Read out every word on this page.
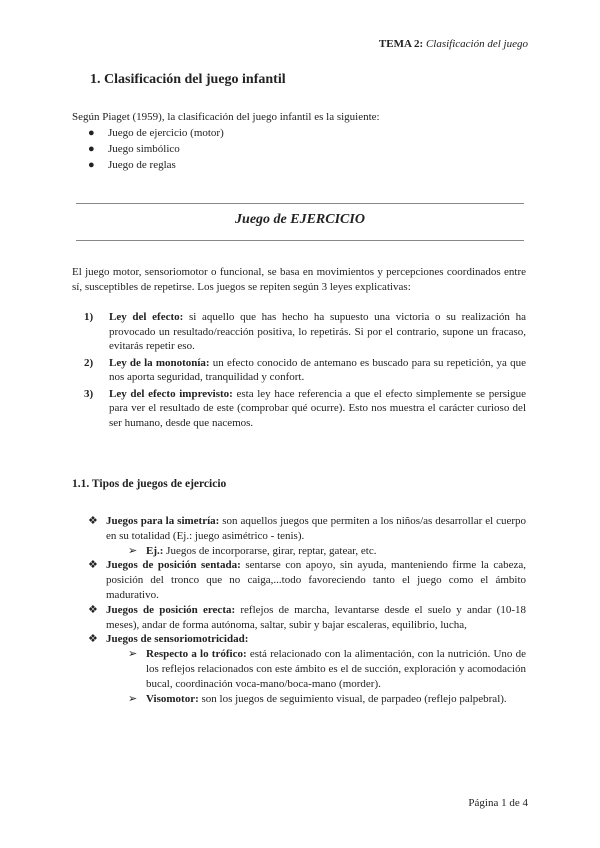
TEMA 2: Clasificación del juego
1. Clasificación del juego infantil
Según Piaget (1959), la clasificación del juego infantil es la siguiente:
●	Juego de ejercicio (motor)
●	Juego simbólico
●	Juego de reglas
Juego de EJERCICIO
El juego motor, sensoriomotor o funcional, se basa en movimientos y percepciones coordinados entre sí, susceptibles de repetirse. Los juegos se repiten según 3 leyes explicativas:
1)	Ley del efecto: si aquello que has hecho ha supuesto una victoria o su realización ha provocado un resultado/reacción positiva, lo repetirás. Si por el contrario, supone un fracaso, evitarás repetir eso.
2)	Ley de la monotonía: un efecto conocido de antemano es buscado para su repetición, ya que nos aporta seguridad, tranquilidad y confort.
3)	Ley del efecto imprevisto: esta ley hace referencia a que el efecto simplemente se persigue para ver el resultado de este (comprobar qué ocurre). Esto nos muestra el carácter curioso del ser humano, desde que nacemos.
1.1. Tipos de juegos de ejercicio
❖ Juegos para la simetría: son aquellos juegos que permiten a los niños/as desarrollar el cuerpo en su totalidad (Ej.: juego asimétrico - tenis).
➢ Ej.: Juegos de incorporarse, girar, reptar, gatear, etc.
❖ Juegos de posición sentada: sentarse con apoyo, sin ayuda, manteniendo firme la cabeza, posición del tronco que no caiga,...todo favoreciendo tanto el juego como el ámbito madurativo.
❖ Juegos de posición erecta: reflejos de marcha, levantarse desde el suelo y andar (10-18 meses), andar de forma autónoma, saltar, subir y bajar escaleras, equilibrio, lucha,
❖ Juegos de sensoriomotricidad:
➢ Respecto a lo trófico: está relacionado con la alimentación, con la nutrición. Uno de los reflejos relacionados con este ámbito es el de succión, exploración y acomodación bucal, coordinación voca-mano/boca-mano (morder).
➢ Visomotor: son los juegos de seguimiento visual, de parpadeo (reflejo palpebral).
Página 1 de 4
